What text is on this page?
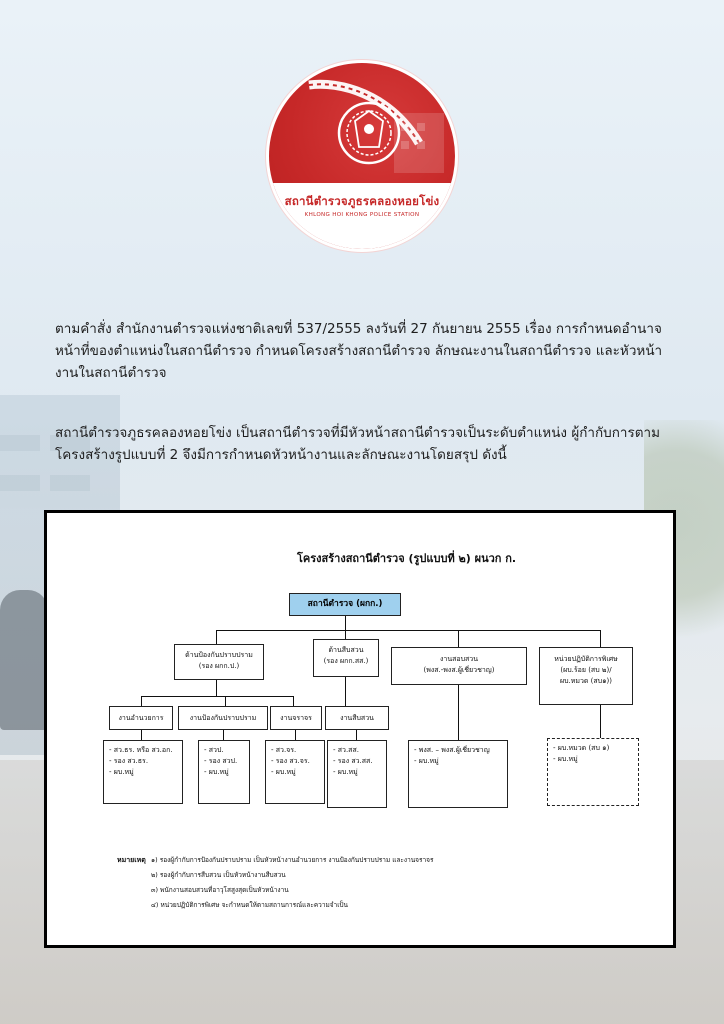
สถานีตำรวจภูธรคลองหอยโข่ง
KHLONG HOI KHONG POLICE STATION
ตามคำสั่ง สำนักงานตำรวจแห่งชาติเลขที่ 537/2555 ลงวันที่ 27 กันยายน 2555 เรื่อง การกำหนดอำนาจหน้าที่ของตำแหน่งในสถานีตำรวจ กำหนดโครงสร้างสถานีตำรวจ ลักษณะงานในสถานีตำรวจ และหัวหน้างานในสถานีตำรวจ
สถานีตำรวจภูธรคลองหอยโข่ง เป็นสถานีตำรวจที่มีหัวหน้าสถานีตำรวจเป็นระดับตำแหน่ง ผู้กำกับการตามโครงสร้างรูปแบบที่ 2 จึงมีการกำหนดหัวหน้างานและลักษณะงานโดยสรุป ดังนี้
โครงสร้างสถานีตำรวจ (รูปแบบที่ ๒) ผนวก ก.
สถานีตำรวจ (ผกก.)
ด้านป้องกันปราบปราม
(รอง ผกก.ป.)
ด้านสืบสวน
(รอง ผกก.สส.)	งานสอบสวน
(พงส.-พงส.ผู้เชี่ยวชาญ)
หน่วยปฏิบัติการพิเศษ
(ผบ.ร้อย (สบ ๒)/
ผบ.หมวด (สบ๑))
งานอำนวยการ	งานป้องกันปราบปราม	งานจราจร	งานสืบสวน
- สว.ธร. หรือ สว.อก.
- รอง สว.ธร.
- ผบ.หมู่
- สวป.
- รอง สวป.
- ผบ.หมู่
- สว.จร.
- รอง สว.จร.
- ผบ.หมู่
- สว.สส.
- รอง สว.สส.
- ผบ.หมู่
- พงส. – พงส.ผู้เชี่ยวชาญ
- ผบ.หมู่
- ผบ.หมวด (สบ ๑)
- ผบ.หมู่
หมายเหตุ ๑) รองผู้กำกับการป้องกันปราบปราม เป็นหัวหน้างานอำนวยการ งานป้องกันปราบปราม และงานจราจร
๒) รองผู้กำกับการสืบสวน เป็นหัวหน้างานสืบสวน
๓) พนักงานสอบสวนที่อาวุโสสูงสุดเป็นหัวหน้างาน
๔) หน่วยปฏิบัติการพิเศษ จะกำหนดให้ตามสถานการณ์และความจำเป็น
